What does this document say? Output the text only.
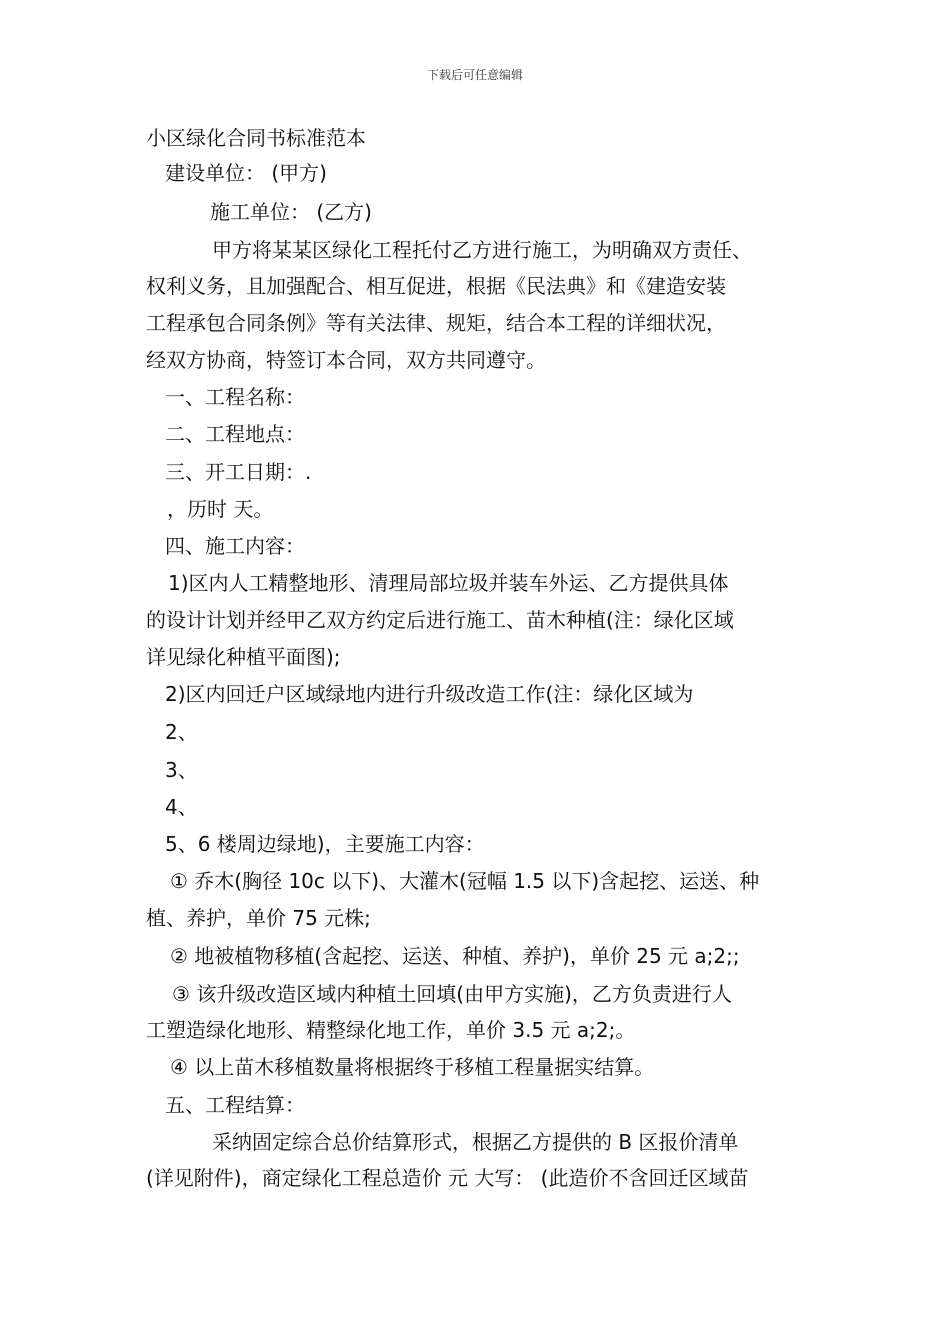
下载后可任意编辑
小区绿化合同书标准范本
建设单位： (甲方)
施工单位： (乙方)
甲方将某某区绿化工程托付乙方进行施工，为明确双方责任、
权利义务，且加强配合、相互促进，根据《民法典》和《建造安装
工程承包合同条例》等有关法律、规矩，结合本工程的详细状况，
经双方协商，特签订本合同，双方共同遵守。
一、工程名称：
二、工程地点：
三、开工日期：.
，历时 天。
四、施工内容：
1)区内人工精整地形、清理局部垃圾并装车外运、乙方提供具体
的设计计划并经甲乙双方约定后进行施工、苗木种植(注：绿化区域
详见绿化种植平面图);
2)区内回迁户区域绿地内进行升级改造工作(注：绿化区域为
2、
3、
4、
5、6 楼周边绿地)，主要施工内容：
① 乔木(胸径 10c 以下)、大灌木(冠幅 1.5 以下)含起挖、运送、种
植、养护，单价 75 元株;
② 地被植物移植(含起挖、运送、种植、养护)，单价 25 元 a;2;;
③ 该升级改造区域内种植土回填(由甲方实施)，乙方负责进行人
工塑造绿化地形、精整绿化地工作，单价 3.5 元 a;2;。
④ 以上苗木移植数量将根据终于移植工程量据实结算。
五、工程结算：
采纳固定综合总价结算形式，根据乙方提供的 B 区报价清单
(详见附件)，商定绿化工程总造价 元 大写： (此造价不含回迁区域苗
